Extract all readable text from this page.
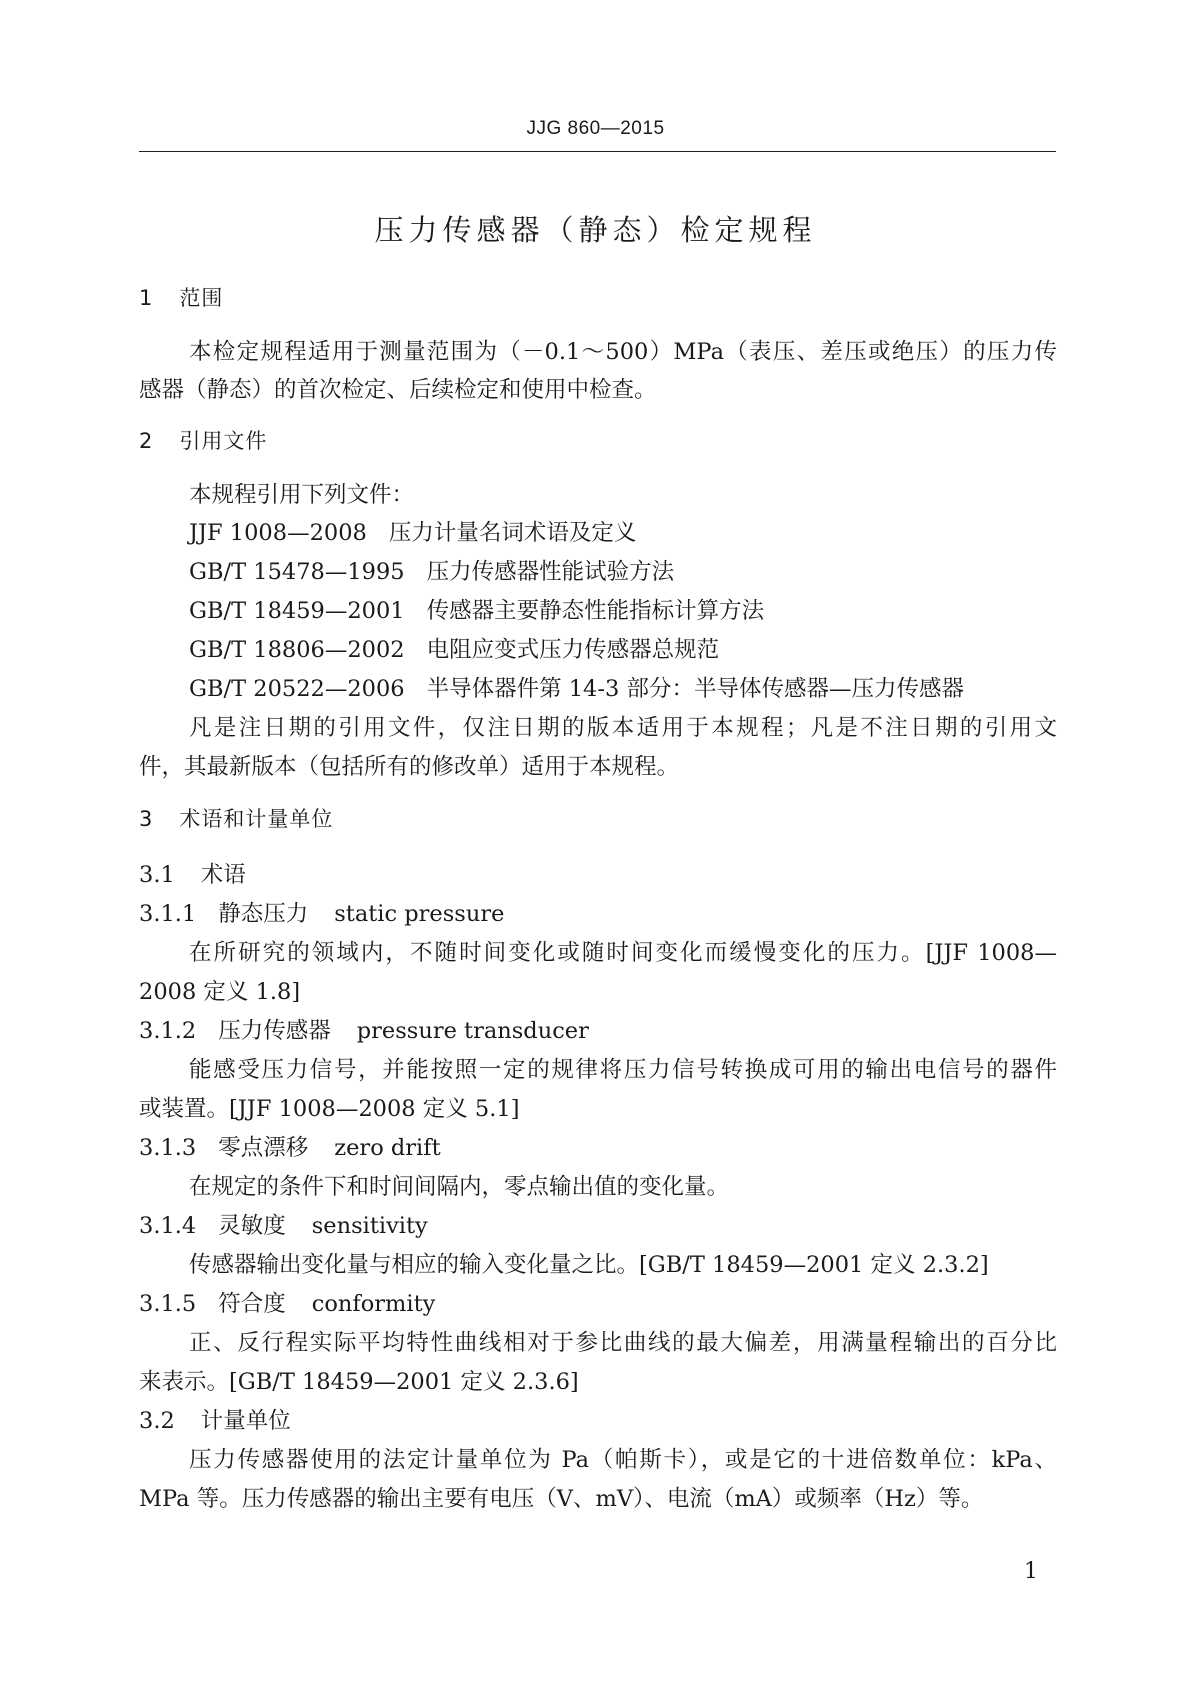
JJG 860—2015
压力传感器（静态）检定规程
1 范围
本检定规程适用于测量范围为（－0.1～500）MPa（表压、差压或绝压）的压力传
感器（静态）的首次检定、后续检定和使用中检查。
2 引用文件
本规程引用下列文件：
JJF 1008—2008 压力计量名词术语及定义
GB/T 15478—1995 压力传感器性能试验方法
GB/T 18459—2001 传感器主要静态性能指标计算方法
GB/T 18806—2002 电阻应变式压力传感器总规范
GB/T 20522—2006 半导体器件第 14-3 部分：半导体传感器—压力传感器
凡是注日期的引用文件，仅注日期的版本适用于本规程；凡是不注日期的引用文
件，其最新版本（包括所有的修改单）适用于本规程。
3 术语和计量单位
3.1 术语
3.1.1 静态压力 static pressure
在所研究的领域内，不随时间变化或随时间变化而缓慢变化的压力。[JJF 1008—
2008 定义 1.8]
3.1.2 压力传感器 pressure transducer
能感受压力信号，并能按照一定的规律将压力信号转换成可用的输出电信号的器件
或装置。[JJF 1008—2008 定义 5.1]
3.1.3 零点漂移 zero drift
在规定的条件下和时间间隔内，零点输出值的变化量。
3.1.4 灵敏度 sensitivity
传感器输出变化量与相应的输入变化量之比。[GB/T 18459—2001 定义 2.3.2]
3.1.5 符合度 conformity
正、反行程实际平均特性曲线相对于参比曲线的最大偏差，用满量程输出的百分比
来表示。[GB/T 18459—2001 定义 2.3.6]
3.2 计量单位
压力传感器使用的法定计量单位为 Pa（帕斯卡），或是它的十进倍数单位：kPa、
MPa 等。压力传感器的输出主要有电压（V、mV）、电流（mA）或频率（Hz）等。
1
